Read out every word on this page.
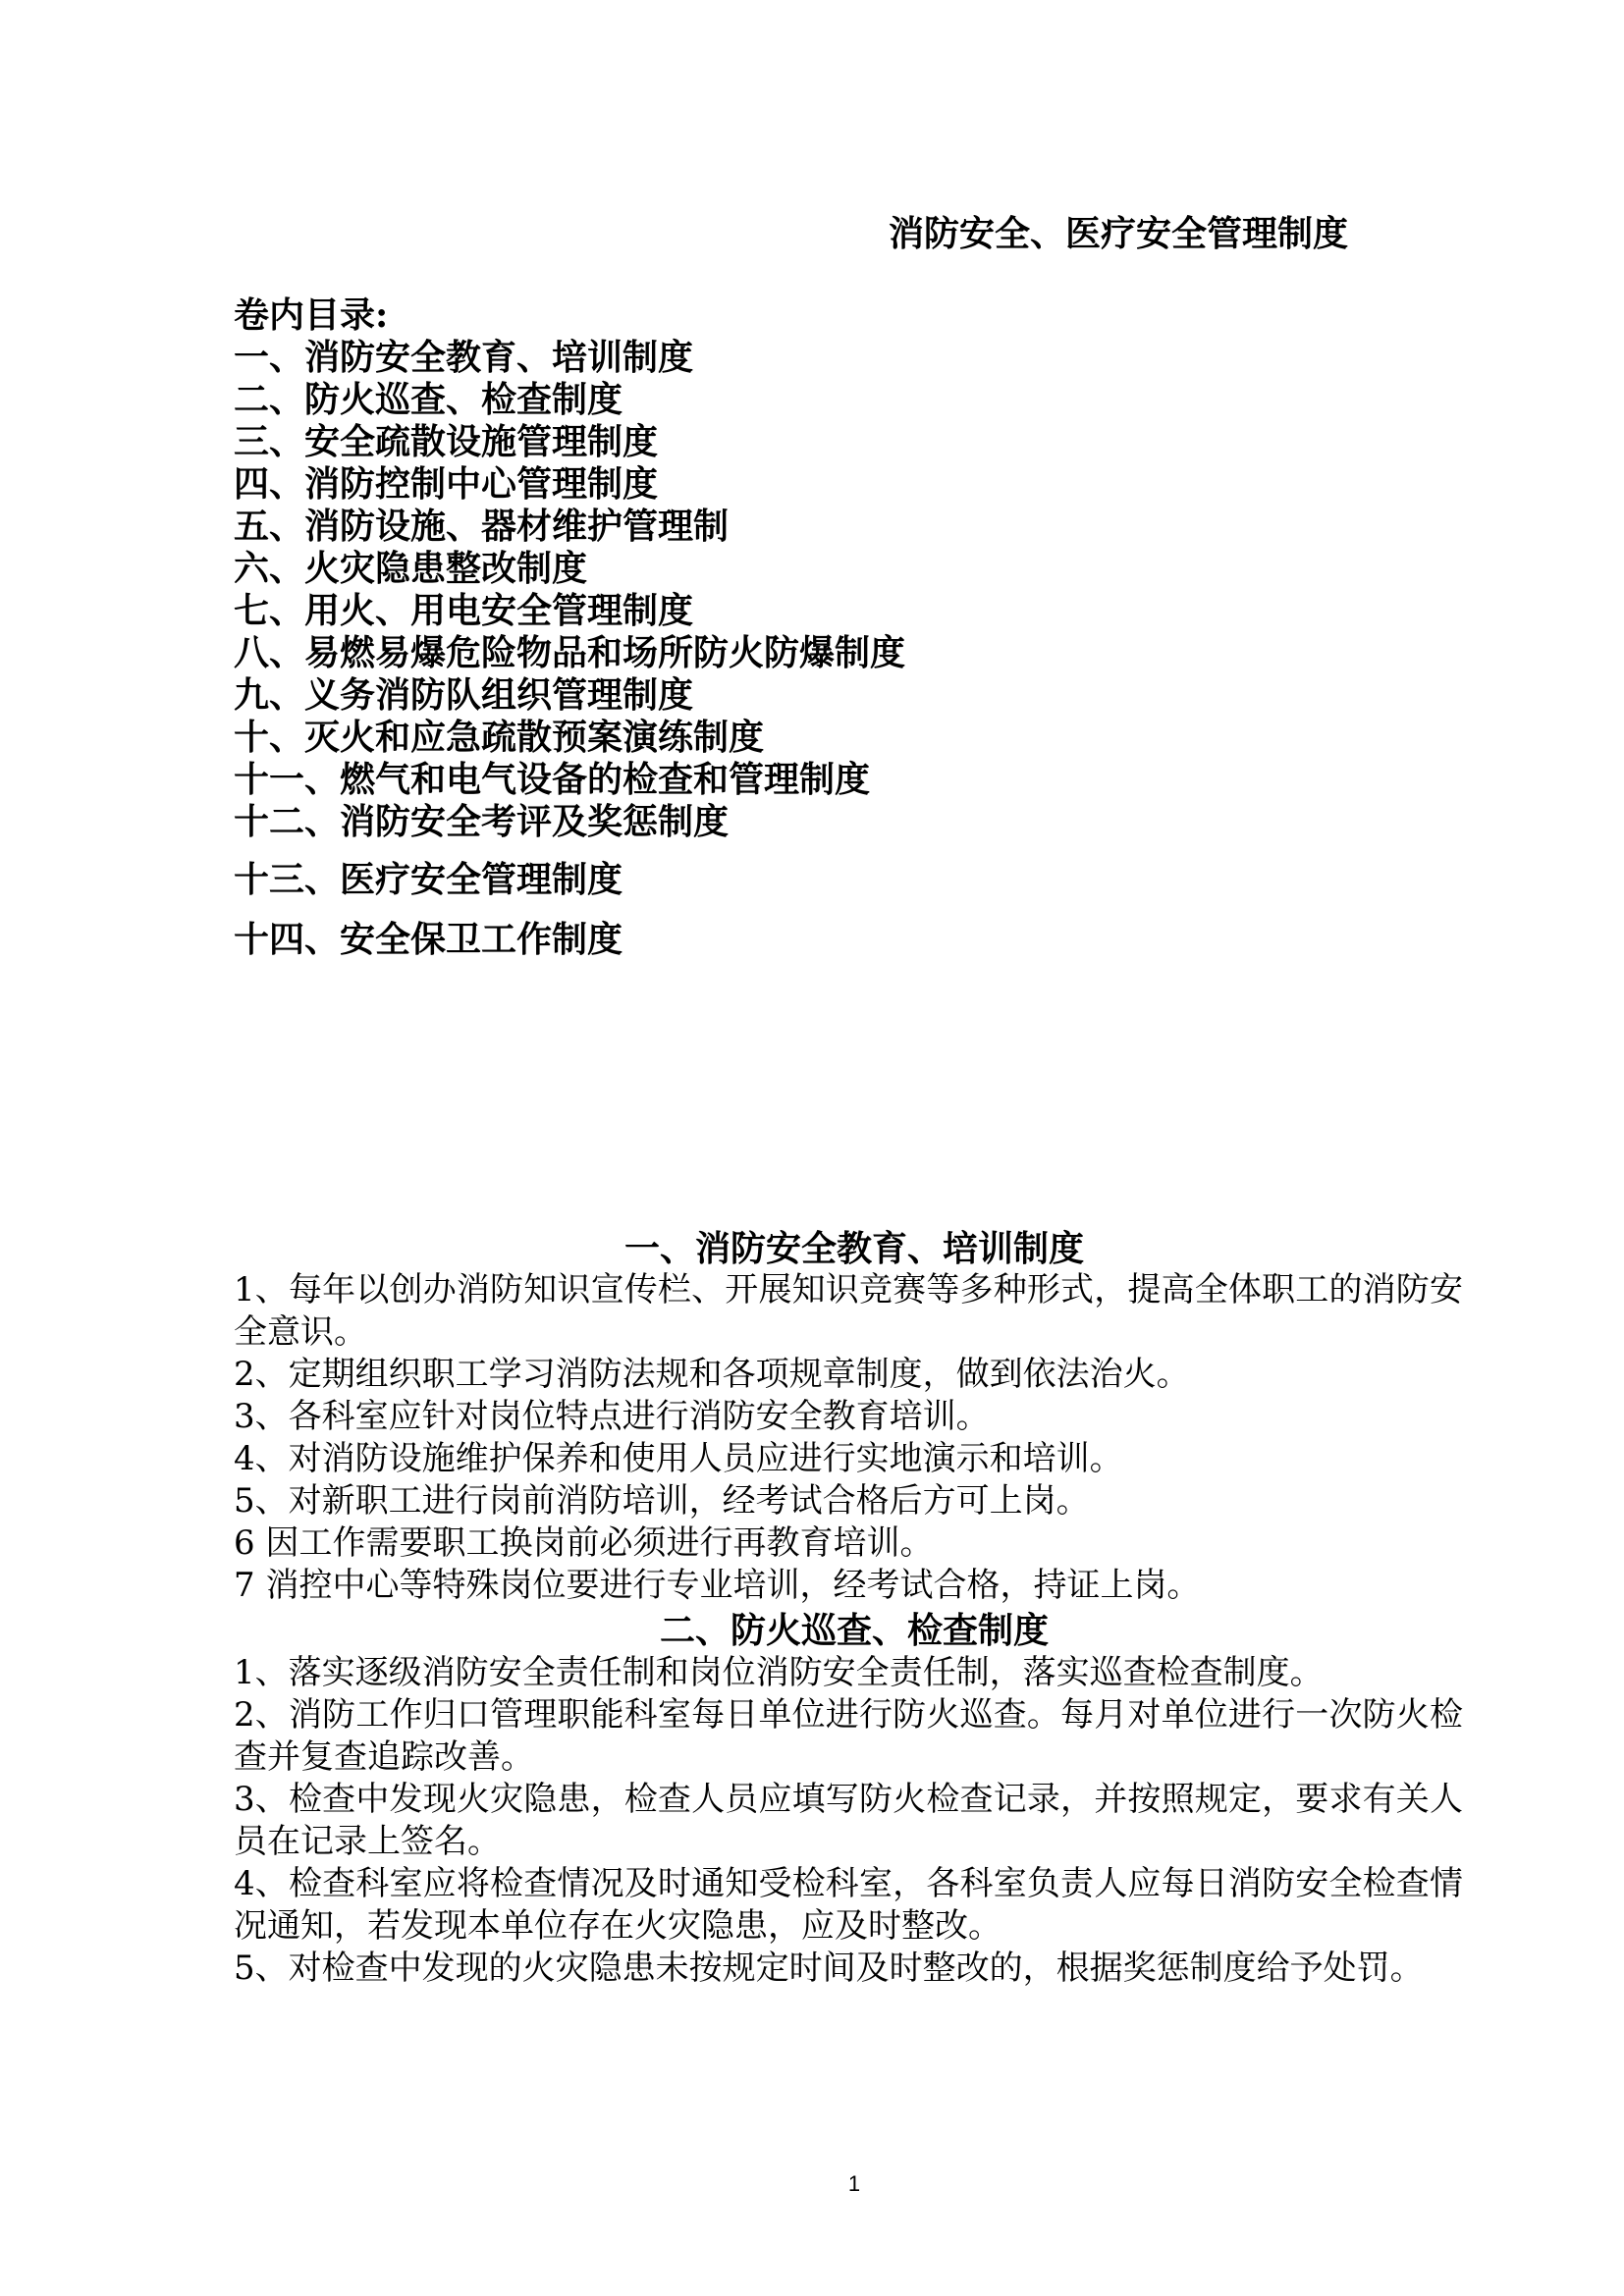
消防安全、医疗安全管理制度
卷内目录:
一、消防安全教育、培训制度
二、防火巡查、检查制度
三、安全疏散设施管理制度
四、消防控制中心管理制度
五、消防设施、器材维护管理制
六、火灾隐患整改制度
七、用火、用电安全管理制度
八、易燃易爆危险物品和场所防火防爆制度
九、义务消防队组织管理制度
十、灭火和应急疏散预案演练制度
十一、燃气和电气设备的检查和管理制度
十二、消防安全考评及奖惩制度
十三、医疗安全管理制度
十四、安全保卫工作制度
一、消防安全教育、培训制度
1、每年以创办消防知识宣传栏、开展知识竞赛等多种形式，提高全体职工的消防安全意识。
2、定期组织职工学习消防法规和各项规章制度，做到依法治火。
3、各科室应针对岗位特点进行消防安全教育培训。
4、对消防设施维护保养和使用人员应进行实地演示和培训。
5、对新职工进行岗前消防培训，经考试合格后方可上岗。
6 因工作需要职工换岗前必须进行再教育培训。
7 消控中心等特殊岗位要进行专业培训，经考试合格，持证上岗。
二、防火巡查、检查制度
1、落实逐级消防安全责任制和岗位消防安全责任制，落实巡查检查制度。
2、消防工作归口管理职能科室每日单位进行防火巡查。每月对单位进行一次防火检查并复查追踪改善。
3、检查中发现火灾隐患，检查人员应填写防火检查记录，并按照规定，要求有关人员在记录上签名。
4、检查科室应将检查情况及时通知受检科室，各科室负责人应每日消防安全检查情况通知，若发现本单位存在火灾隐患，应及时整改。
5、对检查中发现的火灾隐患未按规定时间及时整改的，根据奖惩制度给予处罚。
1
